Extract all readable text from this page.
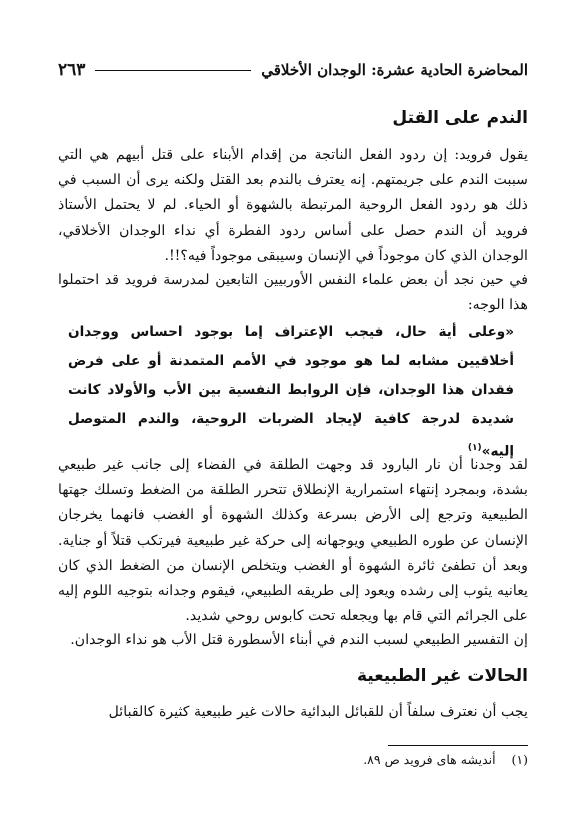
المحاضرة الحادية عشرة: الوجدان الأخلاقي
٢٦٣
الندم على القتل

يقول فرويد: إن ردود الفعل الناتجة من إقدام الأبناء على قتل أبيهم هي التي سببت الندم على جريمتهم. إنه يعترف بالندم بعد القتل ولكنه يرى أن السبب في ذلك هو ردود الفعل الروحية المرتبطة بالشهوة أو الحياء. لم لا يحتمل الأستاذ فرويد أن الندم حصل على أساس ردود الفطرة أي نداء الوجدان الأخلاقي، الوجدان الذي كان موجوداً في الإنسان وسيبقى موجوداً فيه؟!!.

في حين نجد أن بعض علماء النفس الأوربيين التابعين لمدرسة فرويد قد احتملوا هذا الوجه:

«وعلى أية حال، فيجب الإعتراف إما بوجود احساس ووجدان أخلاقيين مشابه لما هو موجود في الأمم المتمدنة أو على فرض فقدان هذا الوجدان، فإن الروابط النفسية بين الأب والأولاد كانت شديدة لدرجة كافية لإيجاد الضربات الروحية، والندم المتوصل إليه»$^{(١)}$

لقد وجدنا أن نار البارود قد وجهت الطلقة في الفضاء إلى جانب غير طبيعي بشدة، وبمجرد إنتهاء استمرارية الإنطلاق تتحرر الطلقة من الضغط وتسلك جهتها الطبيعية وترجع إلى الأرض بسرعة وكذلك الشهوة أو الغضب فانهما يخرجان الإنسان عن طوره الطبيعي ويوجهانه إلى حركة غير طبيعية فيرتكب قتلاً أو جناية. وبعد أن تطفئ ثائرة الشهوة أو الغضب ويتخلص الإنسان من الضغط الذي كان يعانيه يثوب إلى رشده ويعود إلى طريقه الطبيعي، فيقوم وجدانه بتوجيه اللوم إليه على الجرائم التي قام بها ويجعله تحت كابوس روحي شديد.

إن التفسير الطبيعي لسبب الندم في أبناء الأسطورة قتل الأب هو نداء الوجدان.

الحالات غير الطبيعية

يجب أن نعترف سلفاً أن للقبائل البدائية حالات غير طبيعية كثيرة كالقبائل

(١)    أنديشه هاى فرويد ص ٨٩.
